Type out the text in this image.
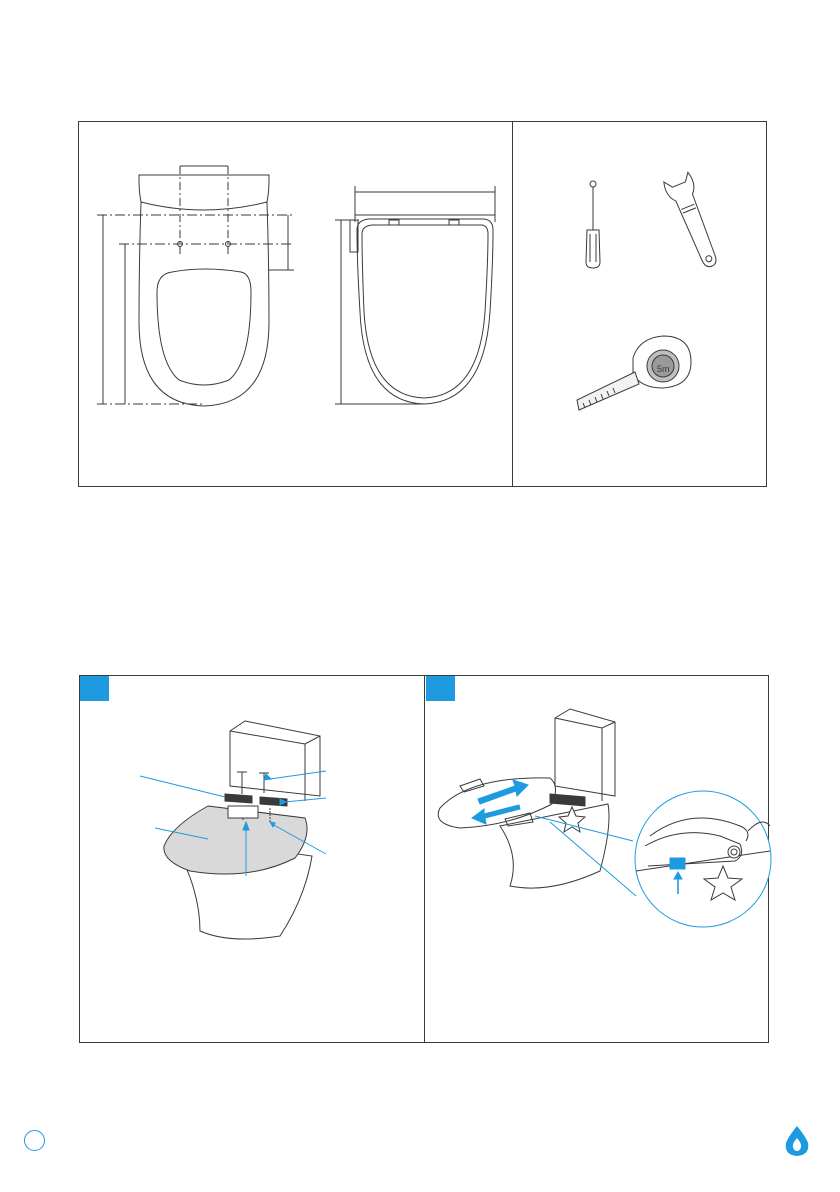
5m
